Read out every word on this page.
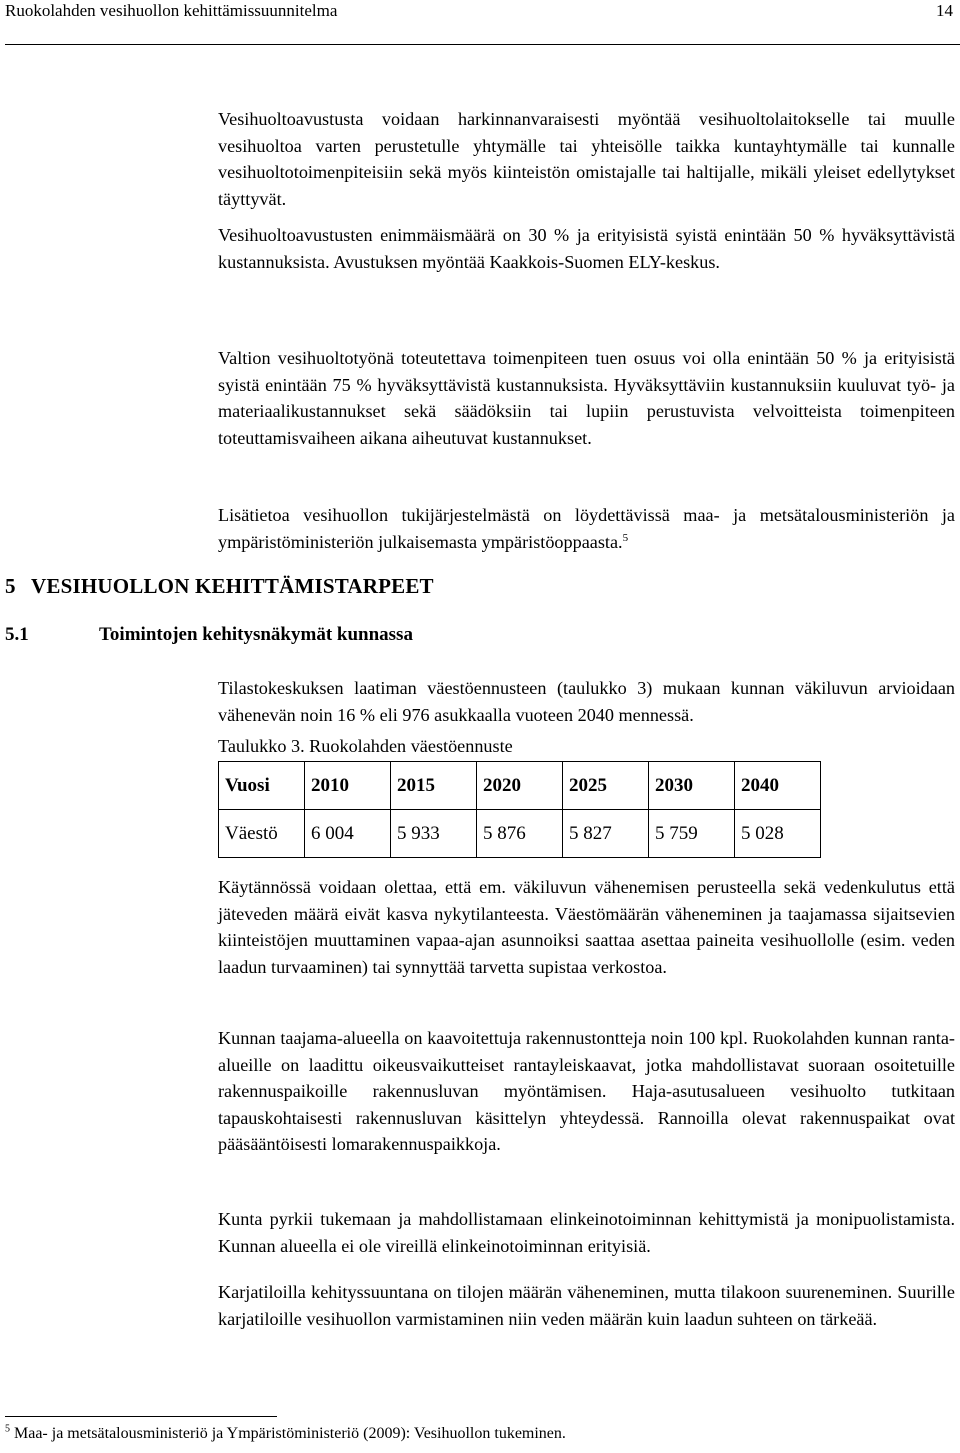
Ruokolahden vesihuollon kehittämissuunnitelma	14

Vesihuoltoavustusta voidaan harkinnanvaraisesti myöntää vesihuoltolaitokselle tai muulle vesihuoltoa varten perustetulle yhtymälle tai yhteisölle taikka kuntayhtymälle tai kunnalle vesihuoltotoimenpiteisiin sekä myös kiinteistön omistajalle tai haltijalle, mikäli yleiset edellytykset täyttyvät.

Vesihuoltoavustusten enimmäismäärä on 30 % ja erityisistä syistä enintään 50 % hyväksyttävistä kustannuksista. Avustuksen myöntää Kaakkois-Suomen ELY-keskus.

Valtion vesihuoltotyönä toteutettava toimenpiteen tuen osuus voi olla enintään 50 % ja erityisistä syistä enintään 75 % hyväksyttävistä kustannuksista. Hyväksyttäviin kustannuksiin kuuluvat työ- ja materiaalikustannukset sekä säädöksiin tai lupiin perustuvista velvoitteista toimenpiteen toteuttamisvaiheen aikana aiheutuvat kustannukset.

Lisätietoa vesihuollon tukijärjestelmästä on löydettävissä maa- ja metsätalousministeriön ja ympäristöministeriön julkaisemasta ympäristöoppaasta.$^5$

5 VESIHUOLLON KEHITTÄMISTARPEET
5.1	Toimintojen kehitysnäkymät kunnassa

Tilastokeskuksen laatiman väestöennusteen (taulukko 3) mukaan kunnan väkiluvun arvioidaan vähenevän noin 16 % eli 976 asukkaalla vuoteen 2040 mennessä.

Taulukko 3. Ruokolahden väestöennuste
Vuosi	2010	2015	2020	2025	2030	2040
Väestö	6 004	5 933	5 876	5 827	5 759	5 028

Käytännössä voidaan olettaa, että em. väkiluvun vähenemisen perusteella sekä vedenkulutus että jäteveden määrä eivät kasva nykytilanteesta. Väestömäärän väheneminen ja taajamassa sijaitsevien kiinteistöjen muuttaminen vapaa-ajan asunnoiksi saattaa asettaa paineita vesihuollolle (esim. veden laadun turvaaminen) tai synnyttää tarvetta supistaa verkostoa.

Kunnan taajama-alueella on kaavoitettuja rakennustontteja noin 100 kpl. Ruokolahden kunnan ranta-alueille on laadittu oikeusvaikutteiset rantayleiskaavat, jotka mahdollistavat suoraan osoitetuille rakennuspaikoille rakennusluvan myöntämisen. Haja-asutusalueen vesihuolto tutkitaan tapauskohtaisesti rakennusluvan käsittelyn yhteydessä. Rannoilla olevat rakennuspaikat ovat pääsääntöisesti lomarakennuspaikkoja.

Kunta pyrkii tukemaan ja mahdollistamaan elinkeinotoiminnan kehittymistä ja monipuolistamista. Kunnan alueella ei ole vireillä elinkeinotoiminnan erityisiä.

Karjatiloilla kehityssuuntana on tilojen määrän väheneminen, mutta tilakoon suureneminen. Suurille karjatiloille vesihuollon varmistaminen niin veden määrän kuin laadun suhteen on tärkeää.

$^5$ Maa- ja metsätalousministeriö ja Ympäristöministeriö (2009): Vesihuollon tukeminen.
